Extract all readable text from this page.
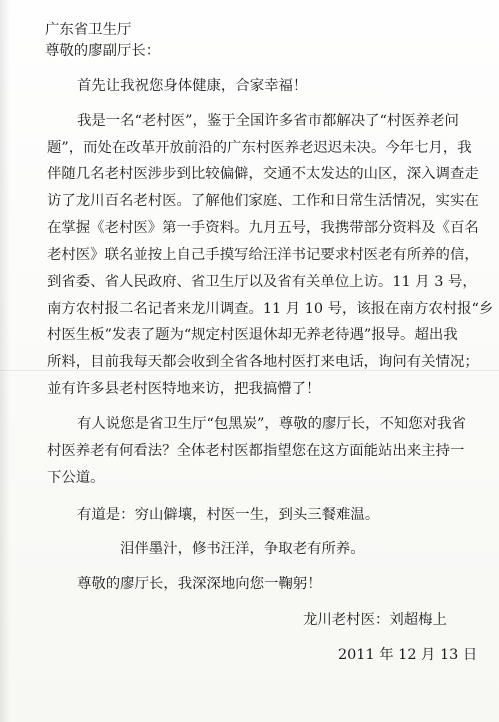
广东省卫生厅

尊敬的廖副厅长：

首先让我祝您身体健康，合家幸福！

我是一名“老村医”，鉴于全国许多省市都解决了“村医养老问

题”，而处在改革开放前沿的广东村医养老迟迟未决。今年七月，我

伴随几名老村医涉步到比较偏僻，交通不太发达的山区，深入调查走

访了龙川百名老村医。了解他们家庭、工作和日常生活情况，实实在

在掌握《老村医》第一手资料。九月五号，我携带部分资料及《百名

老村医》联名並按上自己手摸写给汪洋书记要求村医老有所养的信，

到省委、省人民政府、省卫生厅以及省有关单位上访。11 月 3 号，

南方农村报二名记者来龙川调查。11 月 10 号，该报在南方农村报“乡

村医生板”发表了题为“规定村医退休却无养老待遇”报导。超出我

所料，目前我每天都会收到全省各地村医打来电话，询问有关情况；

並有许多县老村医特地来访，把我搞懵了！

有人说您是省卫生厅“包黑炭”，尊敬的廖厅长，不知您对我省

村医养老有何看法？全体老村医都指望您在这方面能站出来主持一

下公道。

有道是：穷山僻壤，村医一生，到头三餐难温。

泪伴墨汁，修书汪洋，争取老有所养。

尊敬的廖厅长，我深深地向您一鞠躬！

龙川老村医：刘超梅上

2011 年 12 月 13 日
